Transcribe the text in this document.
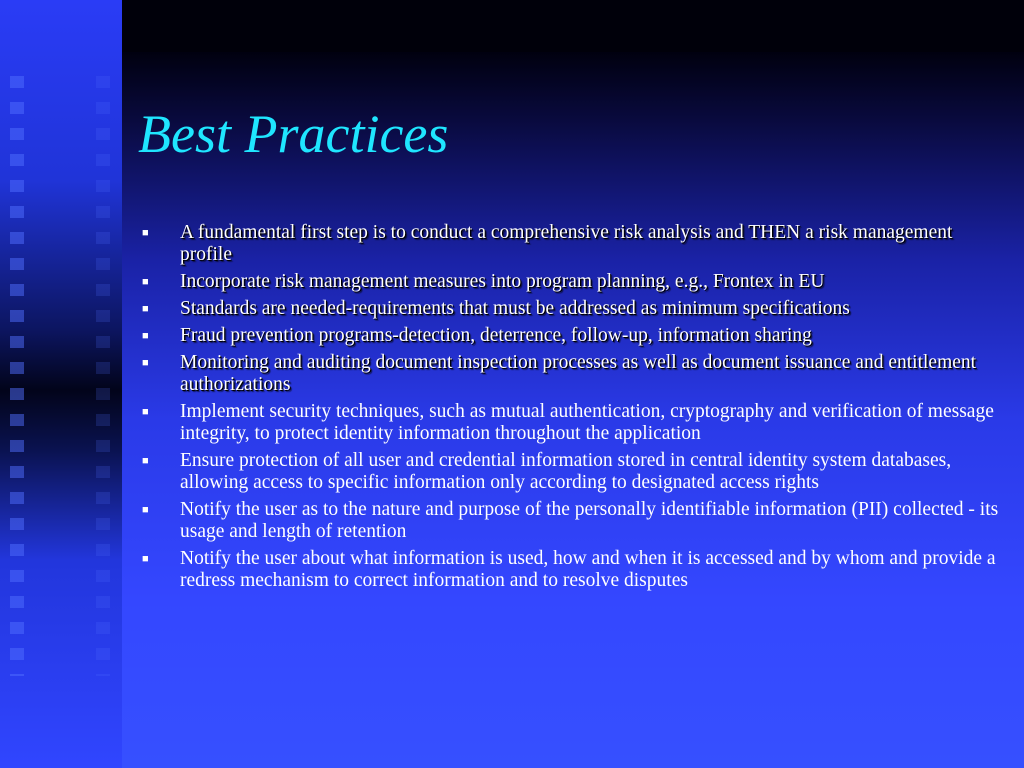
Best Practices
■	A fundamental first step is to conduct a comprehensive risk analysis and THEN a risk management profile
■	Incorporate risk management measures into program planning, e.g., Frontex in EU
■	Standards are needed-requirements that must be addressed as minimum specifications
■	Fraud prevention programs-detection, deterrence, follow-up, information sharing
■	Monitoring and auditing document inspection processes as well as document issuance and entitlement authorizations
■	Implement security techniques, such as mutual authentication, cryptography and verification of message integrity, to protect identity information throughout the application
■	Ensure protection of all user and credential information stored in central identity system databases, allowing access to specific information only according to designated access rights
■	Notify the user as to the nature and purpose of the personally identifiable information (PII) collected - its usage and length of retention
■	Notify the user about what information is used, how and when it is accessed and by whom and provide a redress mechanism to correct information and to resolve disputes
